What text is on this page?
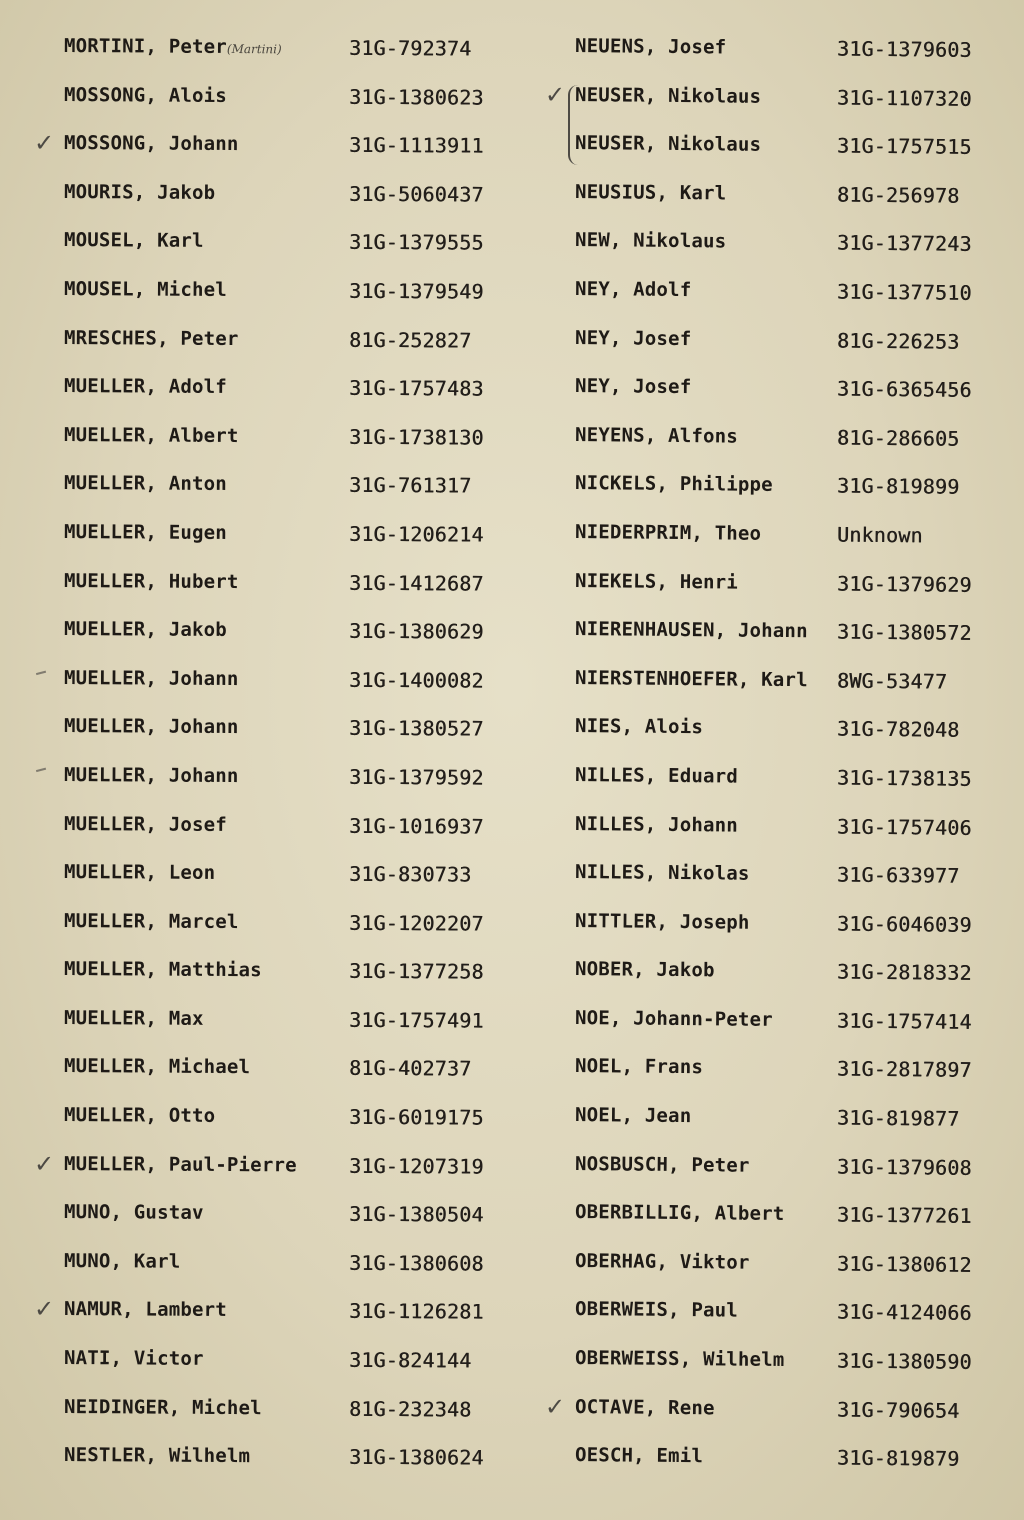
MORTINI, Peter(Martini)	31G-792374
MOSSONG, Alois	31G-1380623
✓ MOSSONG, Johann	31G-1113911
MOURIS, Jakob	31G-5060437
MOUSEL, Karl	31G-1379555
MOUSEL, Michel	31G-1379549
MRESCHES, Peter	81G-252827
MUELLER, Adolf	31G-1757483
MUELLER, Albert	31G-1738130
MUELLER, Anton	31G-761317
MUELLER, Eugen	31G-1206214
MUELLER, Hubert	31G-1412687
MUELLER, Jakob	31G-1380629
MUELLER, Johann	31G-1400082
MUELLER, Johann	31G-1380527
MUELLER, Johann	31G-1379592
MUELLER, Josef	31G-1016937
MUELLER, Leon	31G-830733
MUELLER, Marcel	31G-1202207
MUELLER, Matthias	31G-1377258
MUELLER, Max	31G-1757491
MUELLER, Michael	81G-402737
MUELLER, Otto	31G-6019175
✓ MUELLER, Paul-Pierre	31G-1207319
MUNO, Gustav	31G-1380504
MUNO, Karl	31G-1380608
✓ NAMUR, Lambert	31G-1126281
NATI, Victor	31G-824144
NEIDINGER, Michel	81G-232348
NESTLER, Wilhelm	31G-1380624
NEUENS, Josef	31G-1379603
✓ NEUSER, Nikolaus	31G-1107320
NEUSER, Nikolaus	31G-1757515
NEUSIUS, Karl	81G-256978
NEW, Nikolaus	31G-1377243
NEY, Adolf	31G-1377510
NEY, Josef	81G-226253
NEY, Josef	31G-6365456
NEYENS, Alfons	81G-286605
NICKELS, Philippe	31G-819899
NIEDERPRIM, Theo	Unknown
NIEKELS, Henri	31G-1379629
NIERENHAUSEN, Johann	31G-1380572
NIERSTENHOEFER, Karl	8WG-53477
NIES, Alois	31G-782048
NILLES, Eduard	31G-1738135
NILLES, Johann	31G-1757406
NILLES, Nikolas	31G-633977
NITTLER, Joseph	31G-6046039
NOBER, Jakob	31G-2818332
NOE, Johann-Peter	31G-1757414
NOEL, Frans	31G-2817897
NOEL, Jean	31G-819877
NOSBUSCH, Peter	31G-1379608
OBERBILLIG, Albert	31G-1377261
OBERHAG, Viktor	31G-1380612
OBERWEIS, Paul	31G-4124066
OBERWEISS, Wilhelm	31G-1380590
✓ OCTAVE, Rene	31G-790654
OESCH, Emil	31G-819879
